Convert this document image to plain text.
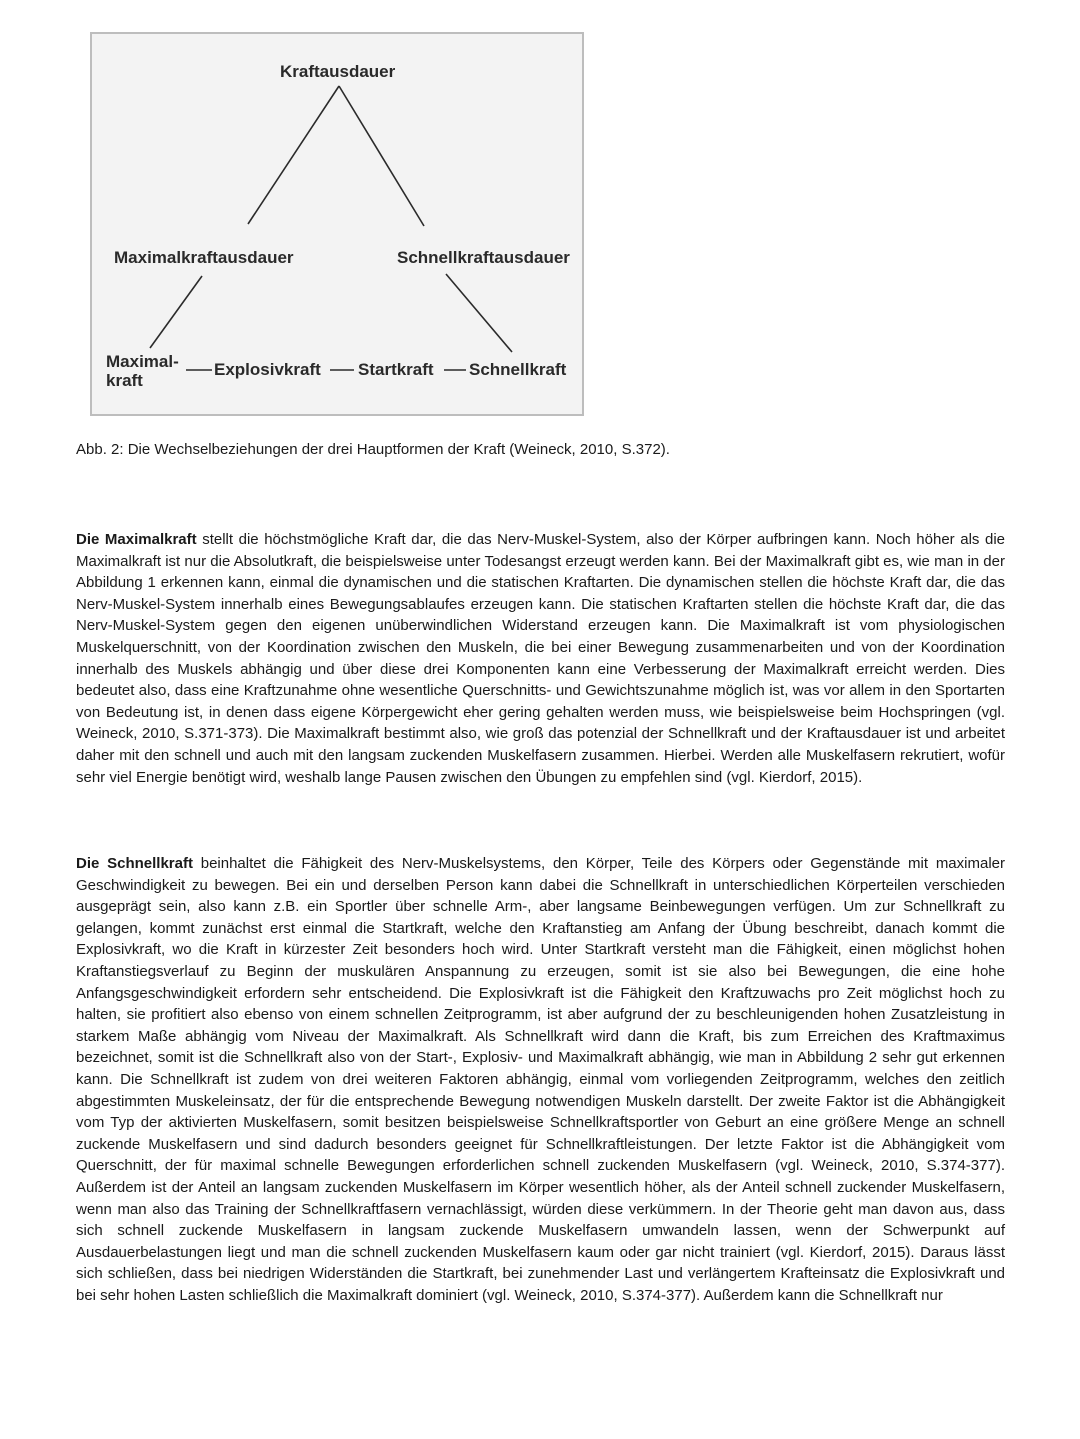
Kraftausdauer
Maximalkraftausdauer	Schnellkraftausdauer
Maximal-
kraft
Explosivkraft Startkraft Schnellkraft
Abb. 2: Die Wechselbeziehungen der drei Hauptformen der Kraft (Weineck, 2010, S.372).

Die Maximalkraft stellt die höchstmögliche Kraft dar, die das Nerv-Muskel-System, also der Körper aufbringen kann. Noch höher als die Maximalkraft ist nur die Absolutkraft, die beispielsweise unter Todesangst erzeugt werden kann. Bei der Maximalkraft gibt es, wie man in der Abbildung 1 erkennen kann, einmal die dynamischen und die statischen Kraftarten. Die dynamischen stellen die höchste Kraft dar, die das Nerv-Muskel-System innerhalb eines Bewegungsablaufes erzeugen kann. Die statischen Kraftarten stellen die höchste Kraft dar, die das Nerv-Muskel-System gegen den eigenen unüberwindlichen Widerstand erzeugen kann. Die Maximalkraft ist vom physiologischen Muskelquerschnitt, von der Koordination zwischen den Muskeln, die bei einer Bewegung zusammenarbeiten und von der Koordination innerhalb des Muskels abhängig und über diese drei Komponenten kann eine Verbesserung der Maximalkraft erreicht werden. Dies bedeutet also, dass eine Kraftzunahme ohne wesentliche Querschnitts- und Gewichtszunahme möglich ist, was vor allem in den Sportarten von Bedeutung ist, in denen dass eigene Körpergewicht eher gering gehalten werden muss, wie beispielsweise beim Hochspringen (vgl. Weineck, 2010, S.371-373). Die Maximalkraft bestimmt also, wie groß das potenzial der Schnellkraft und der Kraftausdauer ist und arbeitet daher mit den schnell und auch mit den langsam zuckenden Muskelfasern zusammen. Hierbei. Werden alle Muskelfasern rekrutiert, wofür sehr viel Energie benötigt wird, weshalb lange Pausen zwischen den Übungen zu empfehlen sind (vgl. Kierdorf, 2015).

Die Schnellkraft beinhaltet die Fähigkeit des Nerv-Muskelsystems, den Körper, Teile des Körpers oder Gegenstände mit maximaler Geschwindigkeit zu bewegen. Bei ein und derselben Person kann dabei die Schnellkraft in unterschiedlichen Körperteilen verschieden ausgeprägt sein, also kann z.B. ein Sportler über schnelle Arm-, aber langsame Beinbewegungen verfügen. Um zur Schnellkraft zu gelangen, kommt zunächst erst einmal die Startkraft, welche den Kraftanstieg am Anfang der Übung beschreibt, danach kommt die Explosivkraft, wo die Kraft in kürzester Zeit besonders hoch wird. Unter Startkraft versteht man die Fähigkeit, einen möglichst hohen Kraftanstiegsverlauf zu Beginn der muskulären Anspannung zu erzeugen, somit ist sie also bei Bewegungen, die eine hohe Anfangsgeschwindigkeit erfordern sehr entscheidend. Die Explosivkraft ist die Fähigkeit den Kraftzuwachs pro Zeit möglichst hoch zu halten, sie profitiert also ebenso von einem schnellen Zeitprogramm, ist aber aufgrund der zu beschleunigenden hohen Zusatzleistung in starkem Maße abhängig vom Niveau der Maximalkraft. Als Schnellkraft wird dann die Kraft, bis zum Erreichen des Kraftmaximus bezeichnet, somit ist die Schnellkraft also von der Start-, Explosiv- und Maximalkraft abhängig, wie man in Abbildung 2 sehr gut erkennen kann. Die Schnellkraft ist zudem von drei weiteren Faktoren abhängig, einmal vom vorliegenden Zeitprogramm, welches den zeitlich abgestimmten Muskeleinsatz, der für die entsprechende Bewegung notwendigen Muskeln darstellt. Der zweite Faktor ist die Abhängigkeit vom Typ der aktivierten Muskelfasern, somit besitzen beispielsweise Schnellkraftsportler von Geburt an eine größere Menge an schnell zuckende Muskelfasern und sind dadurch besonders geeignet für Schnellkraftleistungen. Der letzte Faktor ist die Abhängigkeit vom Querschnitt, der für maximal schnelle Bewegungen erforderlichen schnell zuckenden Muskelfasern (vgl. Weineck, 2010, S.374-377). Außerdem ist der Anteil an langsam zuckenden Muskelfasern im Körper wesentlich höher, als der Anteil schnell zuckender Muskelfasern, wenn man also das Training der Schnellkraftfasern vernachlässigt, würden diese verkümmern. In der Theorie geht man davon aus, dass sich schnell zuckende Muskelfasern in langsam zuckende Muskelfasern umwandeln lassen, wenn der Schwerpunkt auf Ausdauerbelastungen liegt und man die schnell zuckenden Muskelfasern kaum oder gar nicht trainiert (vgl. Kierdorf, 2015). Daraus lässt sich schließen, dass bei niedrigen Widerständen die Startkraft, bei zunehmender Last und verlängertem Krafteinsatz die Explosivkraft und bei sehr hohen Lasten schließlich die Maximalkraft dominiert (vgl. Weineck, 2010, S.374-377). Außerdem kann die Schnellkraft nur
